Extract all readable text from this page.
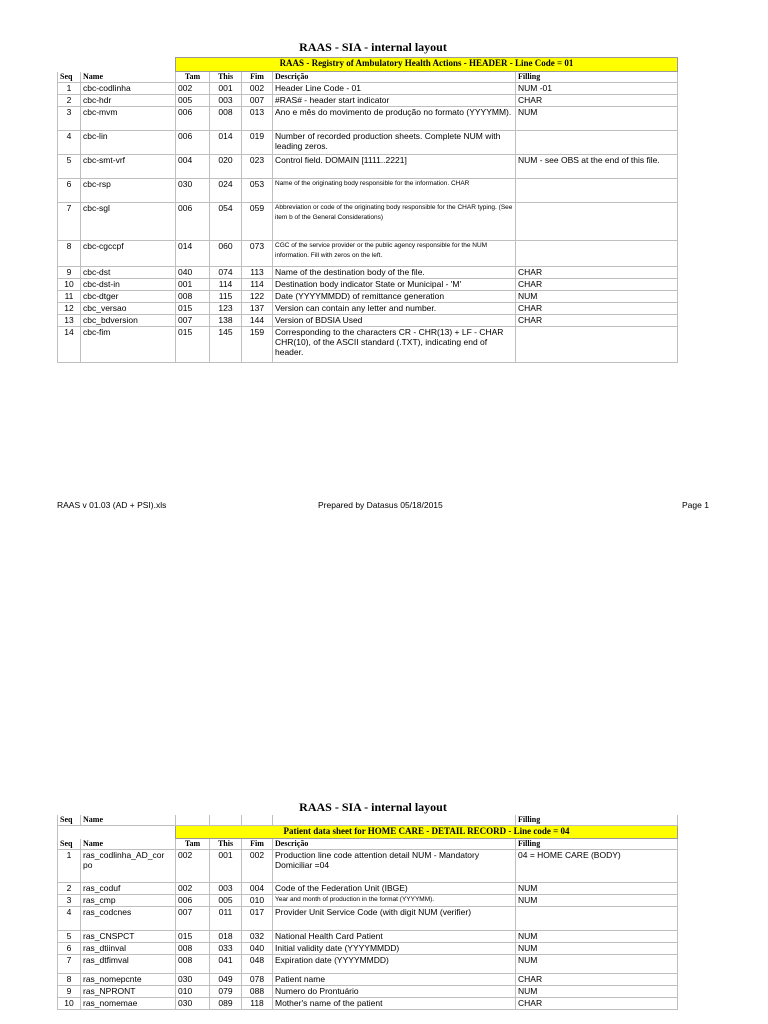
RAAS - SIA - internal layout
		RAAS - Registry of Ambulatory Health Actions - HEADER - Line Code = 01				
Seq	Name	Tam	This	Fim	Descrição	Filling
1	cbc-codlinha	002	001	002	Header Line Code - 01	NUM -01
2	cbc-hdr	005	003	007	#RAS# - header start indicator	CHAR
3	cbc-mvm	006	008	013	Ano e mês do movimento de produção no formato (YYYYMM).	NUM
4	cbc-lin	006	014	019	Number of recorded production sheets. Complete NUM with leading zeros.	
5	cbc-smt-vrf	004	020	023	Control field. DOMAIN [1111..2221]	NUM - see OBS at the end of this file.
6	cbc-rsp	030	024	053	Name of the originating body responsible for the information. CHAR	
7	cbc-sgl	006	054	059	Abbreviation or code of the originating body responsible for the CHAR typing. (See item b of the General Considerations)	
8	cbc-cgccpf	014	060	073	CGC of the service provider or the public agency responsible for the NUM information. Fill with zeros on the left.	
9	cbc-dst	040	074	113	Name of the destination body of the file.	CHAR
10	cbc-dst-in	001	114	114	Destination body indicator State or Municipal - 'M'	CHAR
11	cbc-dtger	008	115	122	Date (YYYYMMDD) of remittance generation	NUM
12	cbc_versao	015	123	137	Version can contain any letter and number.	CHAR
13	cbc_bdversion	007	138	144	Version of BDSIA Used	CHAR
14	cbc-fim	015	145	159	Corresponding to the characters CR - CHR(13) + LF - CHAR CHR(10), of the ASCII standard (.TXT), indicating end of header.	
Seq	Name					Filling
		Patient data sheet for HOME CARE - DETAIL RECORD - Line code = 04				
Seq	Name	Tam	This	Fim	Descrição	Filling
1	ras_codlinha_AD_cor po	002	001	002	Production line code attention detail NUM - Mandatory Domiciliar =04	04 = HOME CARE (BODY)
2	ras_coduf	002	003	004	Code of the Federation Unit (IBGE)	NUM
3	ras_cmp	006	005	010	Year and month of production in the format (YYYYMM).	NUM
4	ras_codcnes	007	011	017	Provider Unit Service Code (with digit NUM (verifier)	
5	ras_CNSPCT	015	018	032	National Health Card Patient	NUM
6	ras_dtiinval	008	033	040	Initial validity date (YYYYMMDD)	NUM
7	ras_dtfimval	008	041	048	Expiration date (YYYYMMDD)	NUM
8	ras_nomepcnte	030	049	078	Patient name	CHAR
9	ras_NPRONT	010	079	088	Numero do Prontuário	NUM
10	ras_nomemae	030	089	118	Mother's name of the patient	CHAR
RAAS - SIA - internal layout
RAAS v 01.03 (AD + PSI).xls	Prepared by Datasus 05/18/2015	Page 1
